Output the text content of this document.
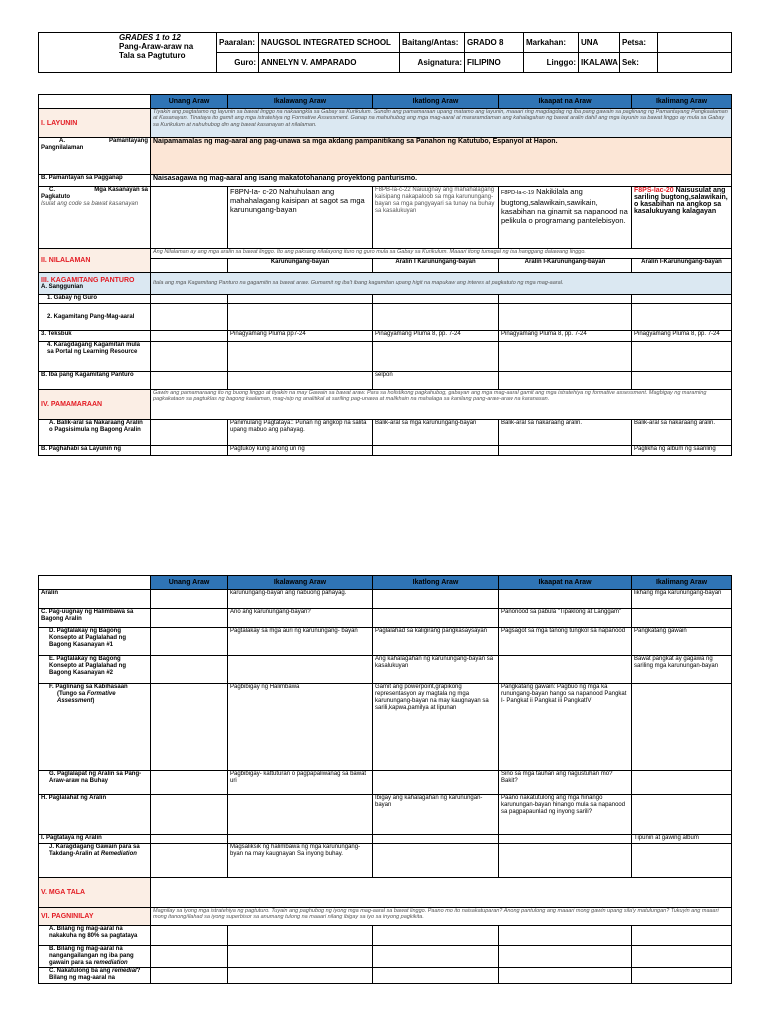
GRADES 1 to 12
Pang-Araw-araw na
Tala sa Pagtuturo	Paaralan:	NAUGSOL INTEGRATED SCHOOL	Baitang/Antas:	GRADO 8	Markahan:	UNA	Petsa:	
	Guro:	ANNELYN V. AMPARADO	Asignatura:	FILIPINO	Linggo:	IKALAWA	Sek:	
	Unang Araw	Ikalawang Araw	Ikatlong Araw	Ikaapat na Araw	Ikalimang Araw
I. LAYUNIN	Tiyakin ang pagtatamo ng layunin sa bawat linggo na nakaangkla sa Gabay sa Kurikulum. Sundin ang pamamaraan upang matamo ang layunin, maaari ring magdagdag ng iba pang gawain sa paglinang ng Pamantayang Pangkaalaman at Kasanayan. Tinataya ito gamit ang mga istratehiya ng Formative Assessment. Ganap na mahuhubog ang mga mag-aaral at mararamdaman ang kahalagahan ng bawat aralin dahil ang mga layunin sa bawat linggo ay mula sa Gabay sa Kurikulum at nahuhubog din ang bawat kasanayan at nilalaman.				

A. Pamantayang
Pangnilalaman	Naipamamalas ng mag-aaral ang pag-unawa sa mga akdang pampanitikang sa Panahon ng Katutubo, Espanyol at Hapon.				
B. Pamantayan sa Pagganap	Naisasagawa ng mag-aaral ang isang makatotohanang proyektong panturismo.				

C. Mga Kasanayan sa
Pagkatuto
Isulat ang code sa bawat kasanayan		F8PN-Ia- c-20 Nahuhulaan ang mahahalagang kaisipan at sagot sa mga karunungang-bayan	F8PB-Ia-c-22 Naiuugnay ang mahahalagang kaisipang nakapaloob sa mga karunungang-bayan sa mga pangyayari sa tunay na buhay sa kasalukuyan	F8PD-Ia-c-19 Nakikilala ang bugtong,salawikain,sawikain, kasabihan na ginamit sa napanood na pelikula o programang pantelebisyon.	F8PS-Iac-20 Naisusulat ang sariling bugtong,salawikain, o kasabihan na angkop sa kasalukuyang kalagayan
II. NILALAMAN	Ang Nilalaman ay ang mga aralin sa bawat linggo. Ito ang paksang nilalayong ituro ng guro mula sa Gabay sa Kurikulum. Maaari itong tumagal ng isa hanggang dalawang linggo.				
		Karunungang-bayan	Aralin I Karunungang-bayan	Aralin I-Karunungang-bayan	Aralin I-Karunungang-bayan

III. KAGAMITANG PANTURO
A. Sanggunian	Itala ang mga Kagamitang Panturo na gagamitin sa bawat araw. Gumamit ng iba't ibang kagamitan upang higit na mapukaw ang interes at pagkatuto ng mga mag-aaral.				
1. Gabay ng Guro					
2. Kagamitang Pang-Mag-aaral					
3. Teksbuk		Pinagyamang Pluma pp7-24	Pinagyamang Pluma 8, pp. 7-24	Pinagyamang Pluma 8, pp. 7-24	Pinagyamang Pluma 8, pp. 7-24
4. Karagdagang Kagamitan mula sa Portal ng Learning Resource					
B. Iba pang Kagamitang Panturo			selpon		
IV. PAMAMARAAN	Gawin ang pamamaraang ito ng buong linggo at tiyakin na may Gawain sa bawat araw. Para sa holistikong pagkahubog, gabayan ang mga mag-aaral gamit ang mga istratehiya ng formative assessment. Magbigay ng maraming pagkakataon sa pagtuklas ng bagong kaalaman, mag-isip ng analitikal at sariling pag-unawa at malikhain na mahalaga sa kanilang pang-araw-araw na karanasan.				
A. Balik-aral sa Nakaraang Aralin o Pagsisimula ng Bagong Aralin		Panimulang Pagtataya:: Punan ng angkop na salita upang mabuo ang pahayag.	Balik-aral sa mga karunungang-bayan	Balik-aral sa nakaraang aralin.	Balik-aral sa nakaraang aralin.
B. Paghahabi sa Layunin ng		Pagtukoy kung anong uri ng			Paglikha ng album ng saariling
	Unang Araw	Ikalawang Araw	Ikatlong Araw	Ikaapat na Araw	Ikalimang Araw
Aralin		karunungang-bayan ang nabuong pahayag.			likhang mga karunungang-bayan
C. Pag-uugnay ng Halimbawa sa Bagong Aralin		Ano ang karunungang-bayan?		Panonood sa pabula "Tipaklong at Langgam"	
D. Pagtalakay ng Bagong Konsepto at Paglalahad ng Bagong Kasanayan #1		Pagtalakay sa mga auri ng karunungang- bayan	Paglalahad sa kaligirang pangkasaysayan	Pagsagot sa mga tanong tungkol sa napanood	Pangkatang gawain
E. Pagtalakay ng Bagong Konsepto at Paglalahad ng Bagong Kasanayan #2			Ang kahalagahan ng karunungang-bayan sa kasalukuyan		Bawat pangkat ay gagawa ng sariling mga karunungan-bayan

F. Paglinang sa Kabihasaan
(Tungo sa Formative Assessment)		Pagbibigay ng Halimbawa	Gamit ang powerpoint,grapikong representasyon ay magtala ng mga karunungang-bayan na may kaugnayan sa sarili,kapwa,pamilya at lipunan	Pangkatang gawain: Pagbuo ng mga ka runungang-bayan hango sa napanood Pangkat I- Pangkat ii Pangkat iii PangkatIV	
G. Paglalapat ng Aralin sa Pang-Araw-araw na Buhay		Pagbibigay- kattuturan o pagpapaliwanag sa bawat uri		Sino sa mga tauhan ang nagustuhan mo? Bakit?	
H. Paglalahat ng Aralin			Ibigay ang kahalagahan ng karunungan-bayan	Paano nakatutulong ang mga hinango karunungan-bayan hinango mula sa napanood sa pagpapaunlad ng inyong sarili?	
I. Pagtataya ng Aralin					Tipunin at gawing album
J. Karagdagang Gawain para sa Takdang-Aralin at Remediation		Magsaliksik ng halimbawa ng mga karunungang-byan na may kaugnayan Sa inyong buhay.			
V. MGA TALA					
VI. PAGNINILAY	Magnilay sa iyong mga istratehiya ng pagtuturo. Tuyain ang paghubog ng iyong mga mag-aaral sa bawat linggo. Paano mo ito naisakatuparan? Anong pantulong ang maaari mong gawin upang sila'y matulungan? Tukuyin ang maaari mong itanong/ilahad sa iyong superbisor sa anumang tulong na maaari nilang ibigay sa iyo sa inyong pagkikita.				
A. Bilang ng mag-aaral na nakakuha ng 80% sa pagtataya					
B. Bilang ng mag-aaral na nangangailangan ng iba pang gawain para sa remediation					
C. Nakatulong ba ang remedial? Bilang ng mag-aaral na					
